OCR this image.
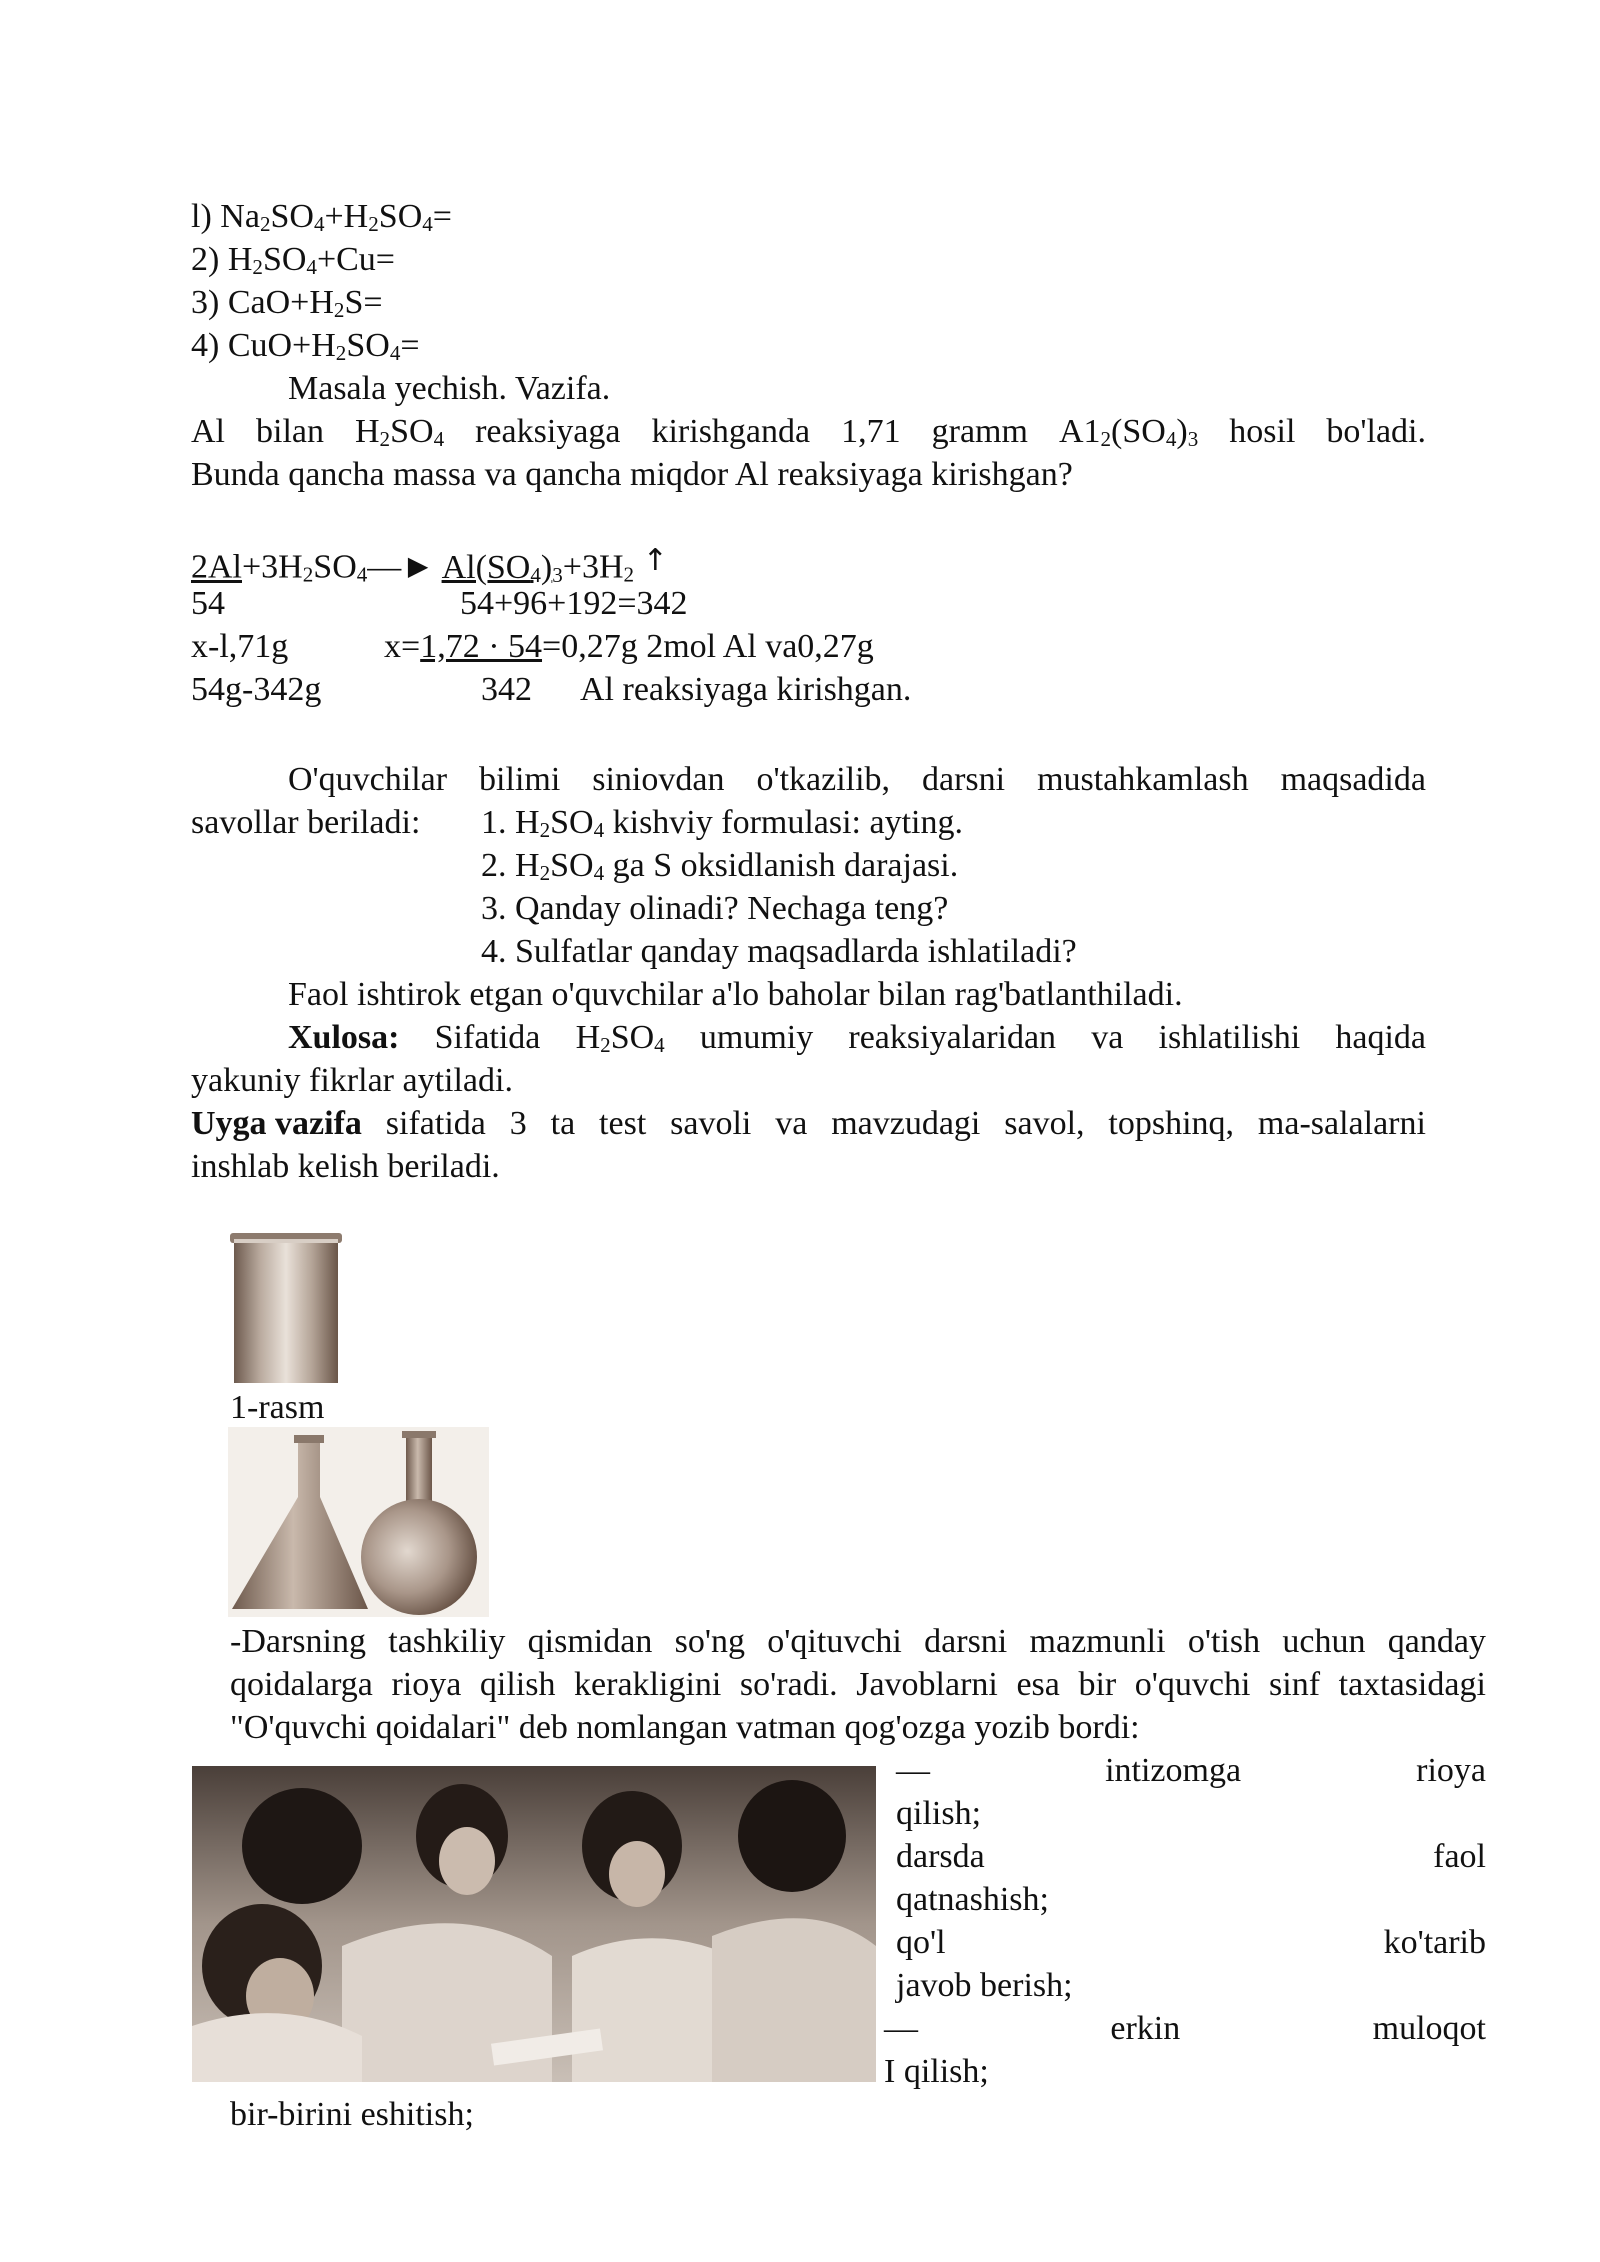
l) $Na_2SO_4+H_2SO_4=$
2) $H_2SO_4+Cu=$
3) $CaO+H_2S=$
4) $CuO+H_2SO_4=$
Masala yechish. Vazifa.
Al bilan $H_2SO_4$ reaksiyaga kirishganda 1,71 gramm $A1_2(SO_4)_3$ hosil bo'ladi.
Bunda qancha massa va qancha miqdor Al reaksiyaga kirishgan?
$2Al+3H_2SO_4—►$ $Al(SO_4)_3+3H_2$ ↑
54	54+96+192=342
x-l,71g	x=1,72 · 54=0,27g 2mol Al va0,27g
54g-342g	342 Al reaksiyaga kirishgan.
O'quvchilar bilimi siniovdan o'tkazilib, darsni mustahkamlash maqsadida
savollar beriladi: 1. $H_2SO_4$ kishviy formulasi: ayting.
2. $H_2SO_4$ ga S oksidlanish darajasi.
3. Qanday olinadi? Nechaga teng?
4. Sulfatlar qanday maqsadlarda ishlatiladi?
Faol ishtirok etgan o'quvchilar a'lo baholar bilan rag'batlanthiladi.
Xulosa: Sifatida $H_2SO_4$ umumiy reaksiyalaridan va ishlatilishi haqida
yakuniy fikrlar aytiladi.
Uyga vazifa sifatida 3 ta test savoli va mavzudagi savol, topshinq, ma-salalarni
inshlab kelish beriladi.
1-rasm
-Darsning tashkiliy qismidan so'ng o'qituvchi darsni mazmunli o'tish uchun qanday
qoidalarga rioya qilish kerakligini so'radi. Javoblarni esa bir o'quvchi sinf taxtasidagi
"O'quvchi qoidalari" deb nomlangan vatman qog'ozga yozib bordi:
—	intizomga	rioya
qilish;
darsda	faol
qatnashish;
qo'l	ko'tarib
javob berish;
—	erkin	muloqot
I qilish;
bir-birini eshitish;
